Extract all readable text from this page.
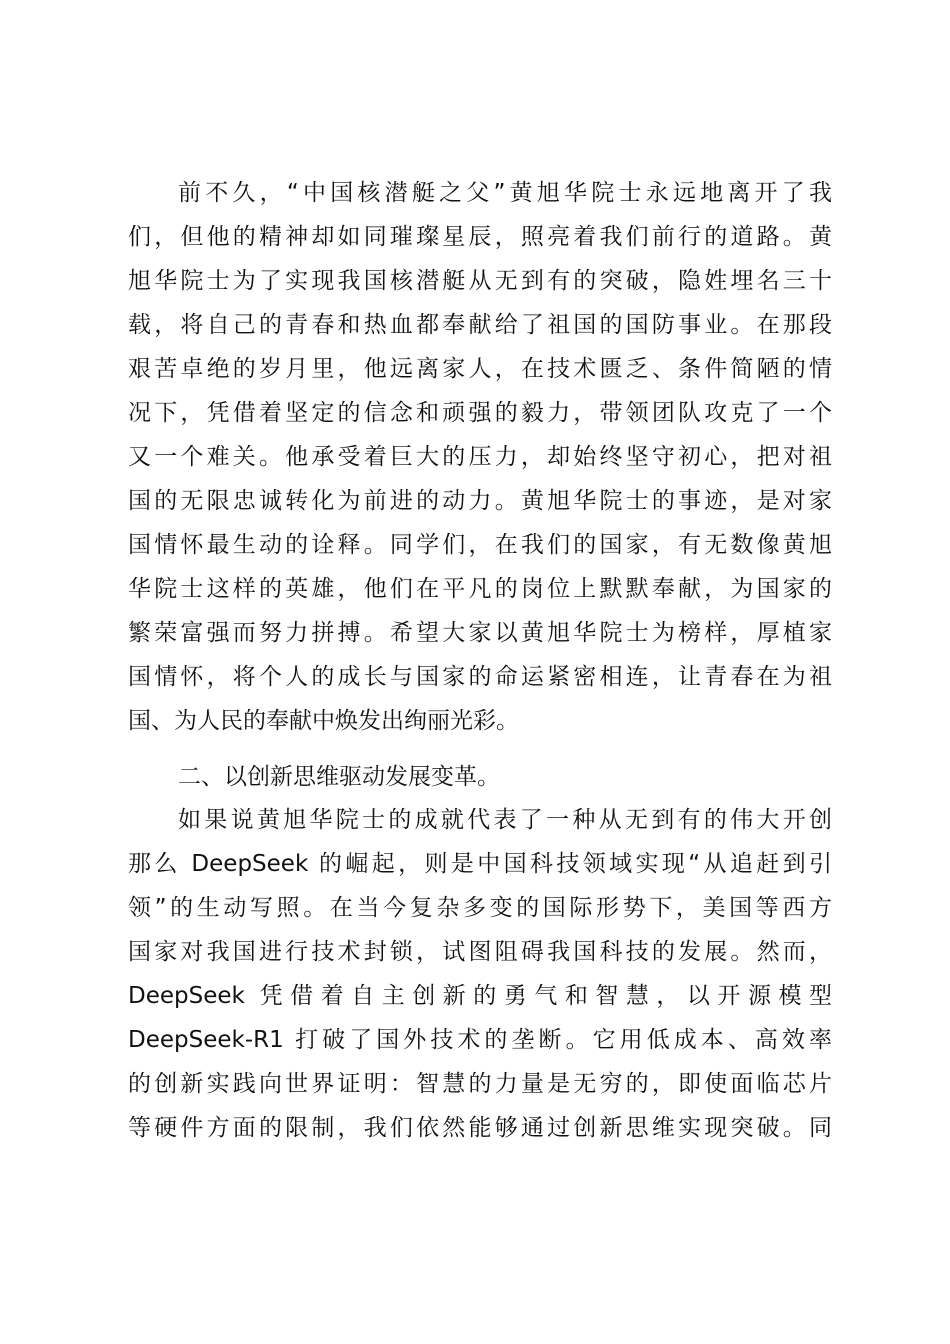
前不久，“中国核潜艇之父”黄旭华院士永远地离开了我
们，但他的精神却如同璀璨星辰，照亮着我们前行的道路。黄
旭华院士为了实现我国核潜艇从无到有的突破，隐姓埋名三十
载，将自己的青春和热血都奉献给了祖国的国防事业。在那段
艰苦卓绝的岁月里，他远离家人，在技术匮乏、条件简陋的情
况下，凭借着坚定的信念和顽强的毅力，带领团队攻克了一个
又一个难关。他承受着巨大的压力，却始终坚守初心，把对祖
国的无限忠诚转化为前进的动力。黄旭华院士的事迹，是对家
国情怀最生动的诠释。同学们，在我们的国家，有无数像黄旭
华院士这样的英雄，他们在平凡的岗位上默默奉献，为国家的
繁荣富强而努力拼搏。希望大家以黄旭华院士为榜样，厚植家
国情怀，将个人的成长与国家的命运紧密相连，让青春在为祖
国、为人民的奉献中焕发出绚丽光彩。
二、以创新思维驱动发展变革。
如果说黄旭华院士的成就代表了一种从无到有的伟大开创
那么 DeepSeek 的崛起，则是中国科技领域实现“从追赶到引
领”的生动写照。在当今复杂多变的国际形势下，美国等西方
国家对我国进行技术封锁，试图阻碍我国科技的发展。然而，
DeepSeek 凭借着自主创新的勇气和智慧，以开源模型
DeepSeek-R1 打破了国外技术的垄断。它用低成本、高效率
的创新实践向世界证明：智慧的力量是无穷的，即使面临芯片
等硬件方面的限制，我们依然能够通过创新思维实现突破。同
